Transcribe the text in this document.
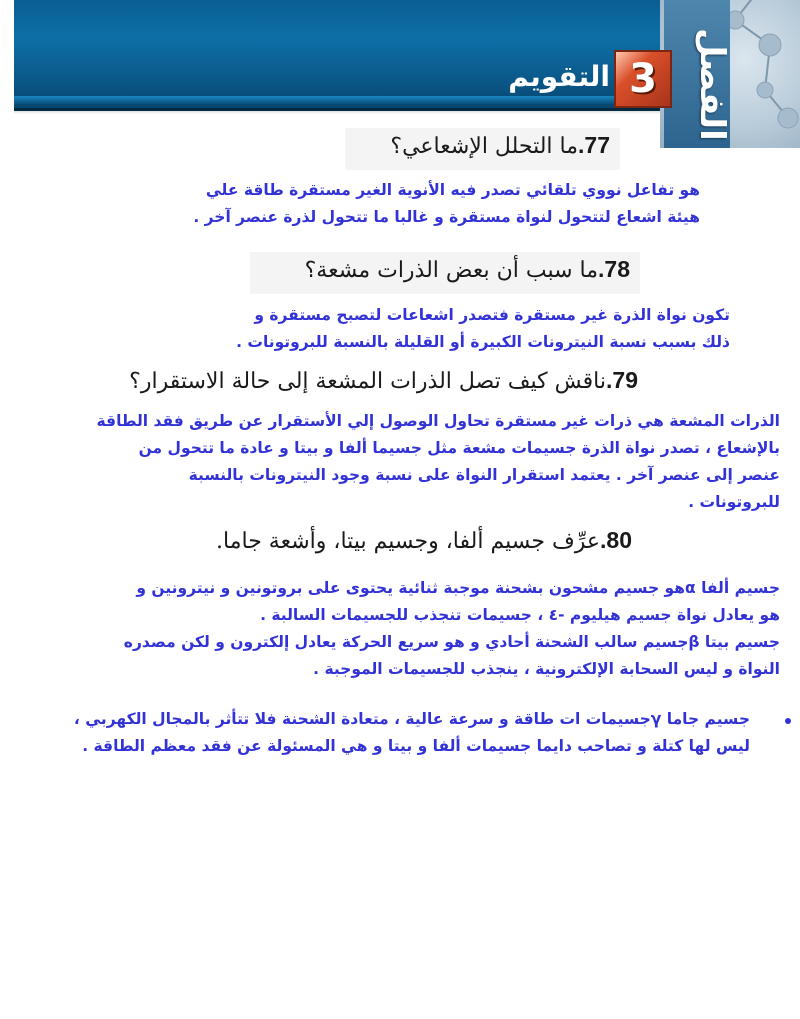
الفصل
3
التقويم
77.ما التحلل الإشعاعي؟
هو تفاعل نووي تلقائي تصدر فيه الأنوية الغير مستقرة طاقة علي
هيئة اشعاع لتتحول لنواة مستقرة و غالبا ما تتحول لذرة عنصر آخر .
78.ما سبب أن بعض الذرات مشعة؟
تكون نواة الذرة غير مستقرة فتصدر اشعاعات لتصبح مستقرة و
ذلك بسبب نسبة النيترونات الكبيرة أو القليلة بالنسبة للبروتونات .
79.ناقش كيف تصل الذرات المشعة إلى حالة الاستقرار؟
الذرات المشعة هي ذرات غير مستقرة تحاول الوصول إلي الأستقرار عن طريق فقد الطاقة
بالإشعاع ، تصدر نواة الذرة جسيمات مشعة مثل جسيما ألفا و بيتا و عادة ما تتحول من
عنصر إلى عنصر آخر . يعتمد استقرار النواة على نسبة وجود النيترونات بالنسبة
للبروتونات .
80.عرِّف جسيم ألفا، وجسيم بيتا، وأشعة جاما.
جسيم ألفا αهو جسيم مشحون بشحنة موجبة ثنائية يحتوى على بروتونين و نيترونين و
هو يعادل نواة جسيم هيليوم -٤ ، جسيمات تنجذب للجسيمات السالبة .
جسيم بيتا βجسيم سالب الشحنة أحادي و هو سريع الحركة يعادل إلكترون و لكن مصدره
النواة و ليس السحابة الإلكترونية ، ينجذب للجسيمات الموجبة .
جسيم جاما γجسيمات ات طاقة و سرعة عالية ، متعادة الشحنة فلا تتأثر بالمجال الكهربي ،
ليس لها كتلة و تصاحب دايما جسيمات ألفا و بيتا و هي المسئولة عن فقد معظم الطاقة .
